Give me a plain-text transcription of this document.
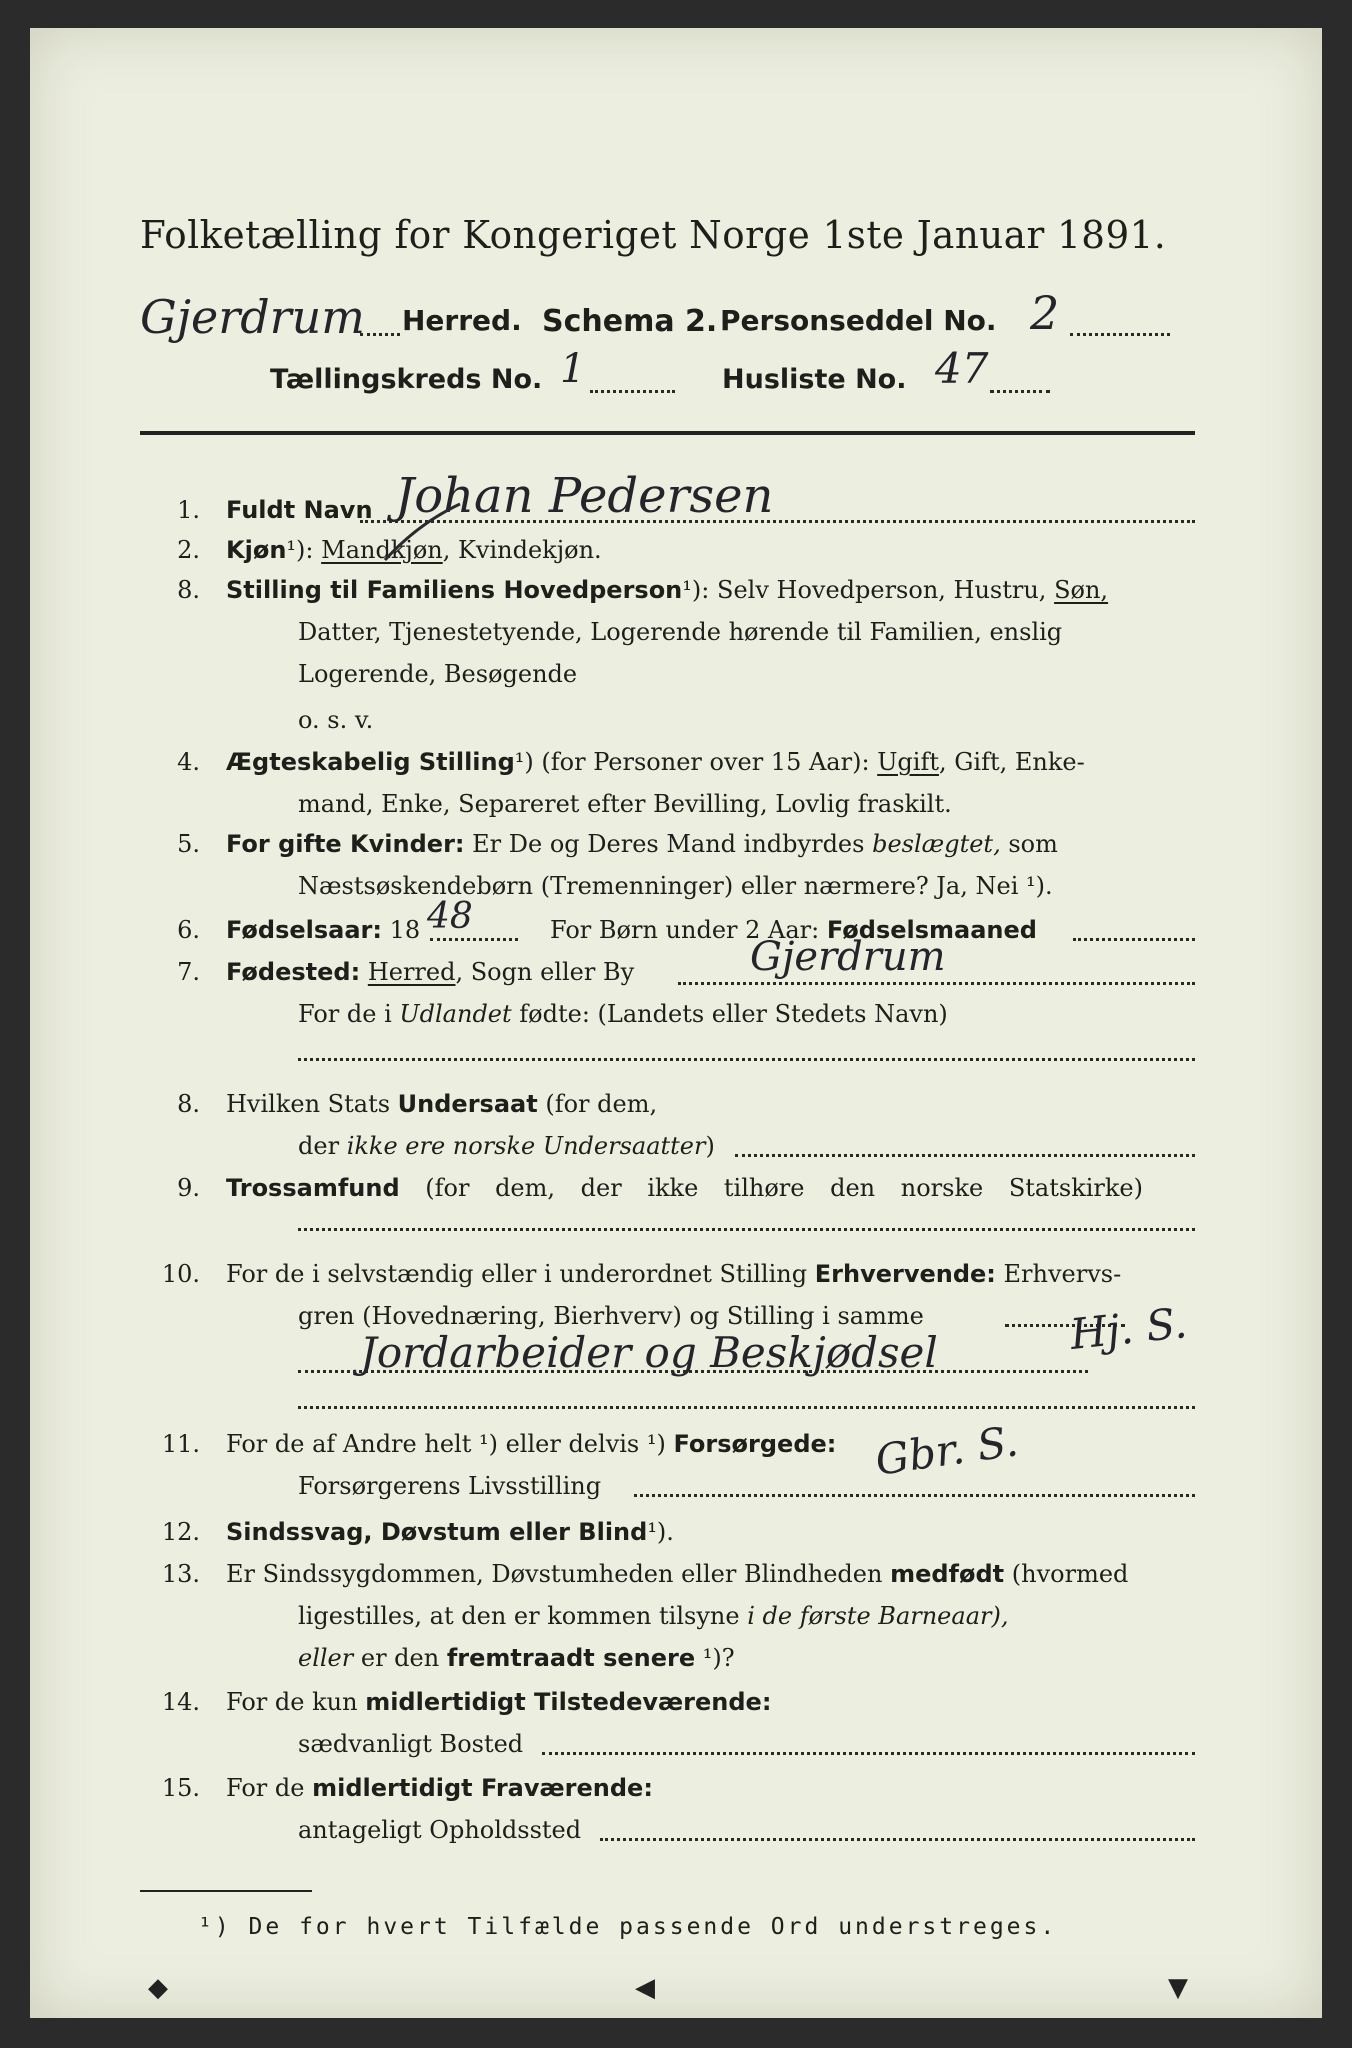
Folketælling for Kongeriget Norge 1ste Januar 1891.
Gjerdrum Herred. Schema 2. Personseddel No. 2
Tællingskreds No. 1	Husliste No. 47
1. Fuldt Navn Johan Pedersen
2. Kjøn¹): Mandkjøn, Kvindekjøn.
8. Stilling til Familiens Hovedperson¹): Selv Hovedperson, Hustru, Søn,
Datter, Tjenestetyende, Logerende hørende til Familien, enslig
Logerende, Besøgende
o. s. v.
4. Ægteskabelig Stilling¹) (for Personer over 15 Aar): Ugift, Gift, Enke-
mand, Enke, Separeret efter Bevilling, Lovlig fraskilt.
5. For gifte Kvinder: Er De og Deres Mand indbyrdes beslægtet, som
Næstsøskendebørn (Tremenninger) eller nærmere? Ja, Nei ¹).
6. Fødselsaar: 18 48	For Børn under 2 Aar: Fødselsmaaned
7. Fødested: Herred, Sogn eller By	Gjerdrum
For de i Udlandet fødte: (Landets eller Stedets Navn)
8. Hvilken Stats Undersaat (for dem,
der ikke ere norske Undersaatter)
9. Trossamfund (for dem, der ikke tilhøre den norske Statskirke)
10. For de i selvstændig eller i underordnet Stilling Erhvervende: Erhvervs-
gren (Hovednæring, Bierhverv) og Stilling i samme
Jordarbeider og Beskjødsel	Hj. S.
11. For de af Andre helt ¹) eller delvis ¹) Forsørgede:
Forsørgerens Livsstilling
Gbr. S.
12. Sindssvag, Døvstum eller Blind¹).
13. Er Sindssygdommen, Døvstumheden eller Blindheden medfødt (hvormed
ligestilles, at den er kommen tilsyne i de første Barneaar),
eller er den fremtraadt senere ¹)?
14. For de kun midlertidigt Tilstedeværende:
sædvanligt Bosted
15. For de midlertidigt Fraværende:
antageligt Opholdssted
¹) De for hvert Tilfælde passende Ord understreges.
◆	◀	▼
